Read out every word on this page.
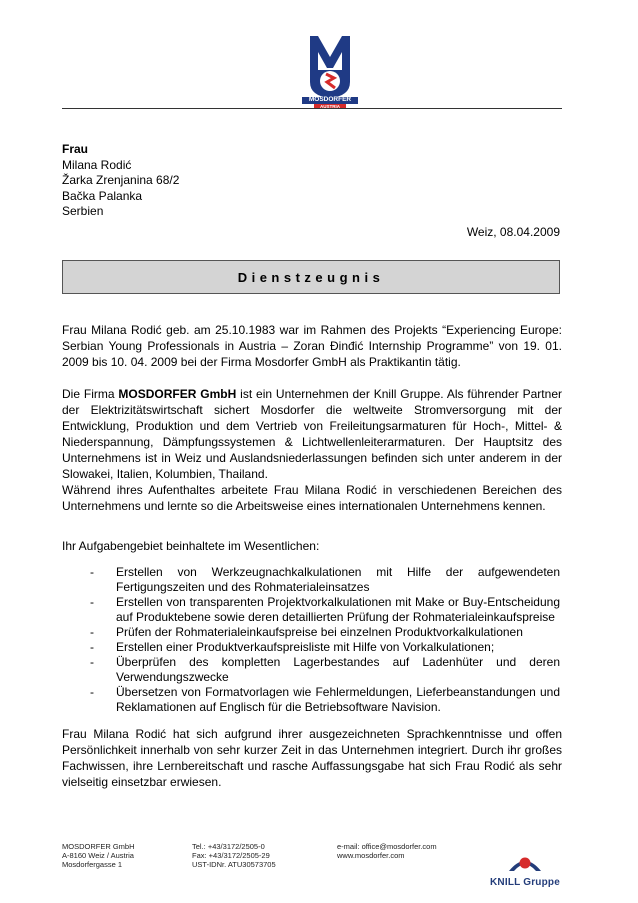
MOSDORFER
AUSTRIA
Frau
Milana Rodić
Žarka Zrenjanina 68/2
Bačka Palanka
Serbien
Weiz, 08.04.2009
Dienstzeugnis
Frau Milana Rodić geb. am 25.10.1983 war im Rahmen des Projekts “Experiencing Europe: Serbian Young Professionals in Austria – Zoran Đinđić Internship Programme” von 19. 01. 2009 bis 10. 04. 2009 bei der Firma Mosdorfer GmbH als Praktikantin tätig.
Die Firma MOSDORFER GmbH ist ein Unternehmen der Knill Gruppe. Als führender Partner der Elektrizitätswirtschaft sichert Mosdorfer die weltweite Stromversorgung mit der Entwicklung, Produktion und dem Vertrieb von Freileitungsarmaturen für Hoch-, Mittel- & Niederspannung, Dämpfungssystemen & Lichtwellenleiterarmaturen. Der Hauptsitz des Unternehmens ist in Weiz und Auslandsniederlassungen befinden sich unter anderem in der Slowakei, Italien, Kolumbien, Thailand.
Während ihres Aufenthaltes arbeitete Frau Milana Rodić in verschiedenen Bereichen des Unternehmens und lernte so die Arbeitsweise eines internationalen Unternehmens kennen.
Ihr Aufgabengebiet beinhaltete im Wesentlichen:
-	Erstellen von Werkzeugnachkalkulationen mit Hilfe der aufgewendeten Fertigungszeiten und des Rohmaterialeinsatzes
-	Erstellen von transparenten Projektvorkalkulationen mit Make or Buy-Entscheidung auf Produktebene sowie deren detaillierten Prüfung der Rohmaterialeinkaufspreise
-	Prüfen der Rohmaterialeinkaufspreise bei einzelnen Produktvorkalkulationen
-	Erstellen einer Produktverkaufspreisliste mit Hilfe von Vorkalkulationen;
-	Überprüfen des kompletten Lagerbestandes auf Ladenhüter und deren Verwendungszwecke
-	Übersetzen von Formatvorlagen wie Fehlermeldungen, Lieferbeanstandungen und Reklamationen auf Englisch für die Betriebsoftware Navision.
Frau Milana Rodić hat sich aufgrund ihrer ausgezeichneten Sprachkenntnisse und offen Persönlichkeit innerhalb von sehr kurzer Zeit in das Unternehmen integriert. Durch ihr großes Fachwissen, ihre Lernbereitschaft und rasche Auffassungsgabe hat sich Frau Rodić als sehr vielseitig einsetzbar erwiesen.
MOSDORFER GmbH
A-8160 Weiz / Austria
Mosdorfergasse 1
Tel.: +43/3172/2505-0
Fax: +43/3172/2505-29
UST-IDNr. ATU30573705
e-mail: office@mosdorfer.com
www.mosdorfer.com
KNILL Gruppe
